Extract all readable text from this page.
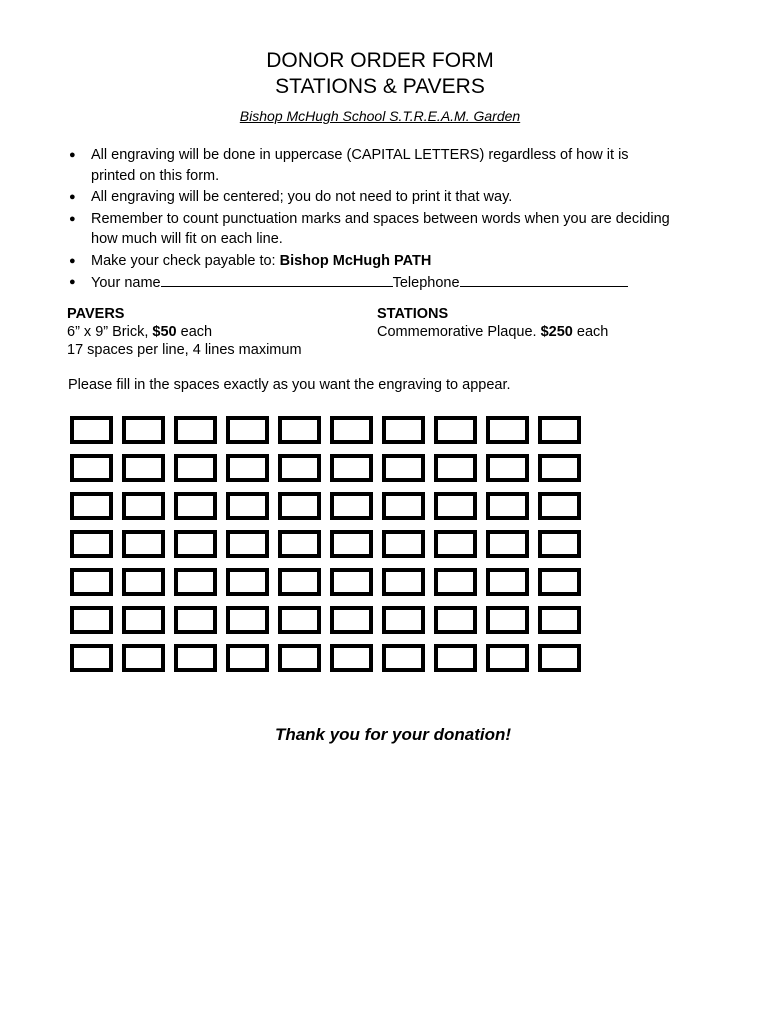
DONOR ORDER FORM
STATIONS & PAVERS
Bishop McHugh School S.T.R.E.A.M. Garden
● All engraving will be done in uppercase (CAPITAL LETTERS) regardless of how it is
printed on this form.
● All engraving will be centered; you do not need to print it that way.
● Remember to count punctuation marks and spaces between words when you are deciding
how much will fit on each line.
● Make your check payable to: Bishop McHugh PATH
● Your name	Telephone
PAVERS
6” x 9” Brick, $50 each
17 spaces per line, 4 lines maximum
STATIONS
Commemorative Plaque. $250 each
Please fill in the spaces exactly as you want the engraving to appear.
Thank you for your donation!
